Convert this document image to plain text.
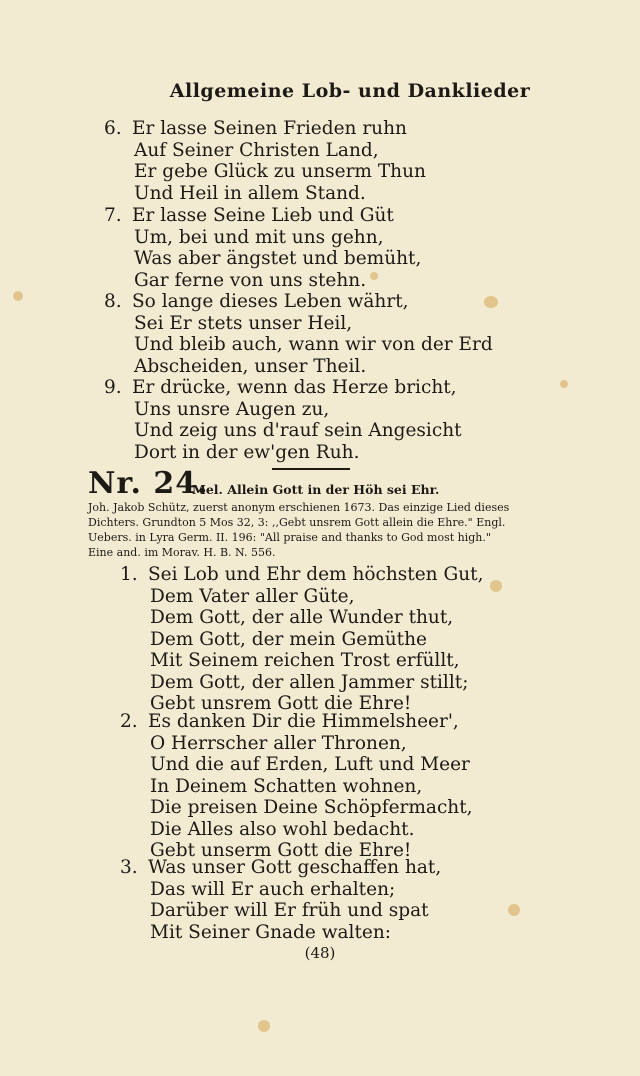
Allgemeine Lob- und Danklieder
6. Er lasse Seinen Frieden ruhn
Auf Seiner Christen Land,
Er gebe Glück zu unserm Thun
Und Heil in allem Stand.
7. Er lasse Seine Lieb und Güt
Um, bei und mit uns gehn,
Was aber ängstet und bemüht,
Gar ferne von uns stehn.
8. So lange dieses Leben währt,
Sei Er stets unser Heil,
Und bleib auch, wann wir von der Erd
Abscheiden, unser Theil.
9. Er drücke, wenn das Herze bricht,
Uns unsre Augen zu,
Und zeig uns d'rauf sein Angesicht
Dort in der ew'gen Ruh.
Nr. 24.
Mel. Allein Gott in der Höh sei Ehr.
Joh. Jakob Schütz, zuerst anonym erschienen 1673. Das einzige Lied dieses
Dichters. Grundton 5 Mos 32, 3: ,,Gebt unsrem Gott allein die Ehre." Engl.
Uebers. in Lyra Germ. II. 196: "All praise and thanks to God most high."
Eine and. im Morav. H. B. N. 556.
1. Sei Lob und Ehr dem höchsten Gut,
Dem Vater aller Güte,
Dem Gott, der alle Wunder thut,
Dem Gott, der mein Gemüthe
Mit Seinem reichen Trost erfüllt,
Dem Gott, der allen Jammer stillt;
Gebt unsrem Gott die Ehre!
2. Es danken Dir die Himmelsheer',
O Herrscher aller Thronen,
Und die auf Erden, Luft und Meer
In Deinem Schatten wohnen,
Die preisen Deine Schöpfermacht,
Die Alles also wohl bedacht.
Gebt unserm Gott die Ehre!
3. Was unser Gott geschaffen hat,
Das will Er auch erhalten;
Darüber will Er früh und spat
Mit Seiner Gnade walten:
(48)
